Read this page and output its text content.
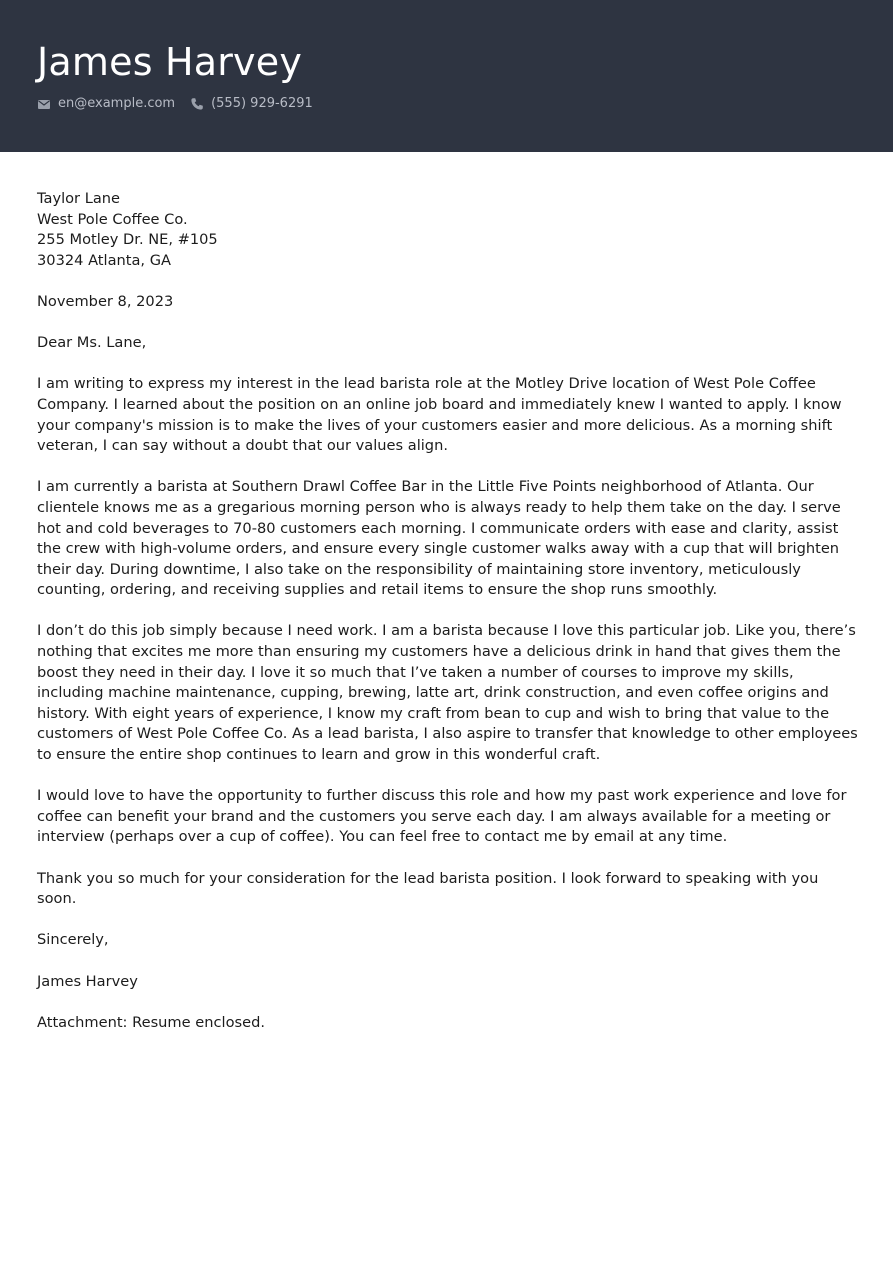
James Harvey
en@example.com	(555) 929-6291

Taylor Lane
West Pole Coffee Co.
255 Motley Dr. NE, #105
30324 Atlanta, GA

November 8, 2023

Dear Ms. Lane,

I am writing to express my interest in the lead barista role at the Motley Drive location of West Pole Coffee Company. I learned about the position on an online job board and immediately knew I wanted to apply. I know your company's mission is to make the lives of your customers easier and more delicious. As a morning shift veteran, I can say without a doubt that our values align.

I am currently a barista at Southern Drawl Coffee Bar in the Little Five Points neighborhood of Atlanta. Our clientele knows me as a gregarious morning person who is always ready to help them take on the day. I serve hot and cold beverages to 70-80 customers each morning. I communicate orders with ease and clarity, assist the crew with high-volume orders, and ensure every single customer walks away with a cup that will brighten their day. During downtime, I also take on the responsibility of maintaining store inventory, meticulously counting, ordering, and receiving supplies and retail items to ensure the shop runs smoothly.

I don’t do this job simply because I need work. I am a barista because I love this particular job. Like you, there’s nothing that excites me more than ensuring my customers have a delicious drink in hand that gives them the boost they need in their day. I love it so much that I’ve taken a number of courses to improve my skills, including machine maintenance, cupping, brewing, latte art, drink construction, and even coffee origins and history. With eight years of experience, I know my craft from bean to cup and wish to bring that value to the customers of West Pole Coffee Co. As a lead barista, I also aspire to transfer that knowledge to other employees to ensure the entire shop continues to learn and grow in this wonderful craft.

I would love to have the opportunity to further discuss this role and how my past work experience and love for coffee can benefit your brand and the customers you serve each day. I am always available for a meeting or interview (perhaps over a cup of coffee). You can feel free to contact me by email at any time.

Thank you so much for your consideration for the lead barista position. I look forward to speaking with you soon.

Sincerely,

James Harvey

Attachment: Resume enclosed.
